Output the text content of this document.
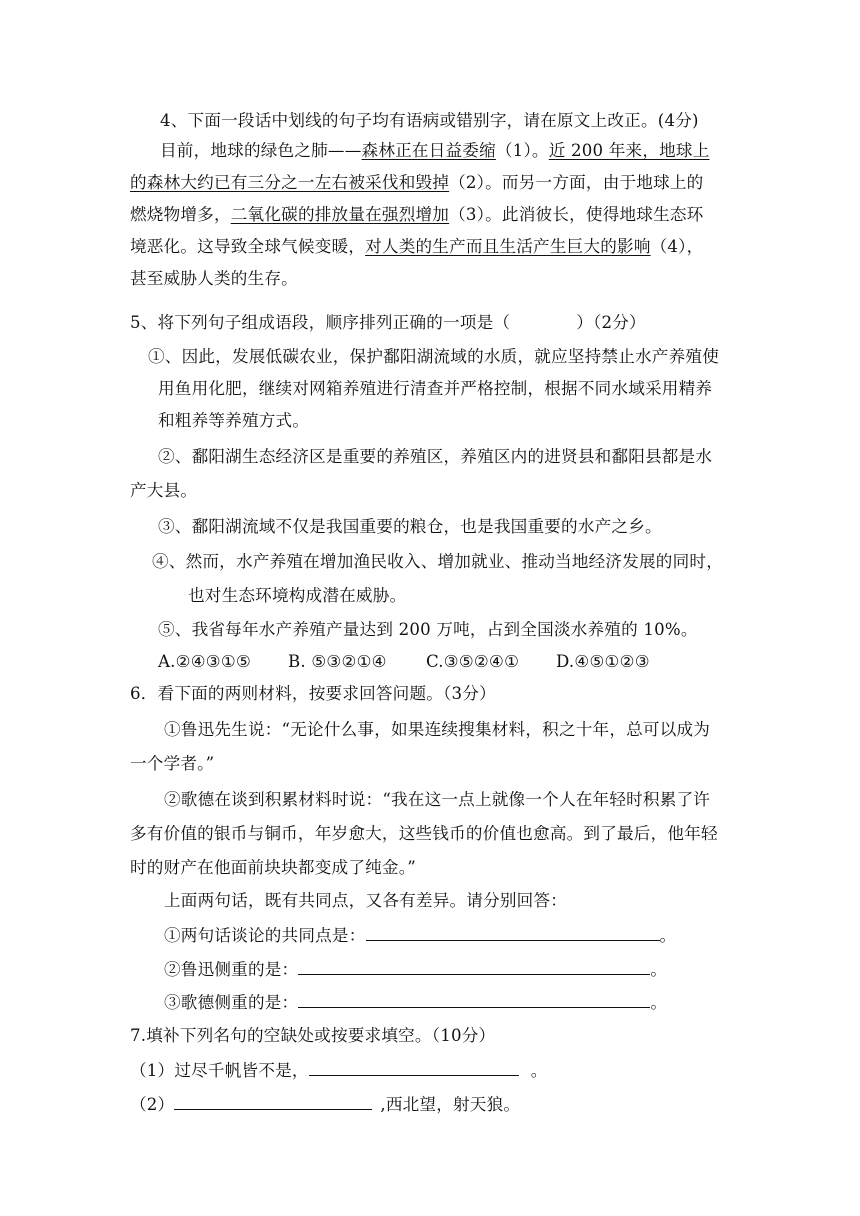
4、下面一段话中划线的句子均有语病或错别字，请在原文上改正。(4分)
目前，地球的绿色之肺——森林正在日益委缩（1）。近 200 年来，地球上
的森林大约已有三分之一左右被采伐和毁掉（2）。而另一方面，由于地球上的
燃烧物增多，二氧化碳的排放量在强烈增加（3）。此消彼长，使得地球生态环
境恶化。这导致全球气候变暖，对人类的生产而且生活产生巨大的影响（4），
甚至威胁人类的生存。
5、将下列句子组成语段，顺序排列正确的一项是（	）（2分）
①、因此，发展低碳农业，保护鄱阳湖流域的水质，就应坚持禁止水产养殖使
用鱼用化肥，继续对网箱养殖进行清查并严格控制，根据不同水域采用精养
和粗养等养殖方式。
②、鄱阳湖生态经济区是重要的养殖区，养殖区内的进贤县和鄱阳县都是水
产大县。
③、鄱阳湖流域不仅是我国重要的粮仓，也是我国重要的水产之乡。
④、然而，水产养殖在增加渔民收入、增加就业、推动当地经济发展的同时，
也对生态环境构成潜在威胁。
⑤、我省每年水产养殖产量达到 200 万吨，占到全国淡水养殖的 10%。
A.②④③①⑤ B. ⑤③②①④ C.③⑤②④① D.④⑤①②③
6．看下面的两则材料，按要求回答问题。（3分）
①鲁迅先生说：“无论什么事，如果连续搜集材料，积之十年，总可以成为
一个学者。”
②歌德在谈到积累材料时说：“我在这一点上就像一个人在年轻时积累了许
多有价值的银币与铜币，年岁愈大，这些钱币的价值也愈高。到了最后，他年轻
时的财产在他面前块块都变成了纯金。”
上面两句话，既有共同点，又各有差异。请分别回答：
①两句话谈论的共同点是：	。
②鲁迅侧重的是：	。
③歌德侧重的是：	。
7.填补下列名句的空缺处或按要求填空。（10分）
（1）过尽千帆皆不是，	。
（2）	,西北望，射天狼。
